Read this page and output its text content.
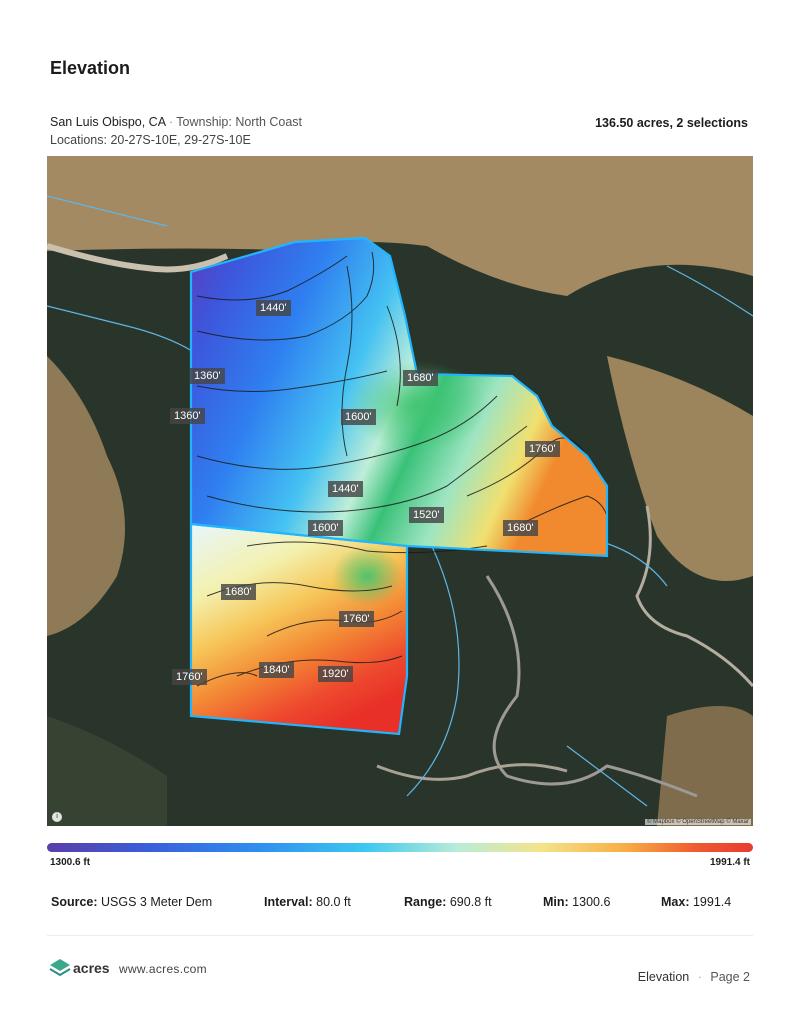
Elevation
San Luis Obispo, CA · Township: North Coast
Locations: 20-27S-10E, 29-27S-10E
136.50 acres, 2 selections
1440'
1360'
1360'
1680'
1600'
1760'
1440'
1520'
1600'	1680'
1680'
1760'
1840'	1920'
1760'
i
© Mapbox © OpenStreetMap © Maxar
1300.6 ft	1991.4 ft
Source: USGS 3 Meter Dem	Interval: 80.0 ft	Range: 690.8 ft	Min: 1300.6	Max: 1991.4
acres www.acres.com
Elevation · Page 2
